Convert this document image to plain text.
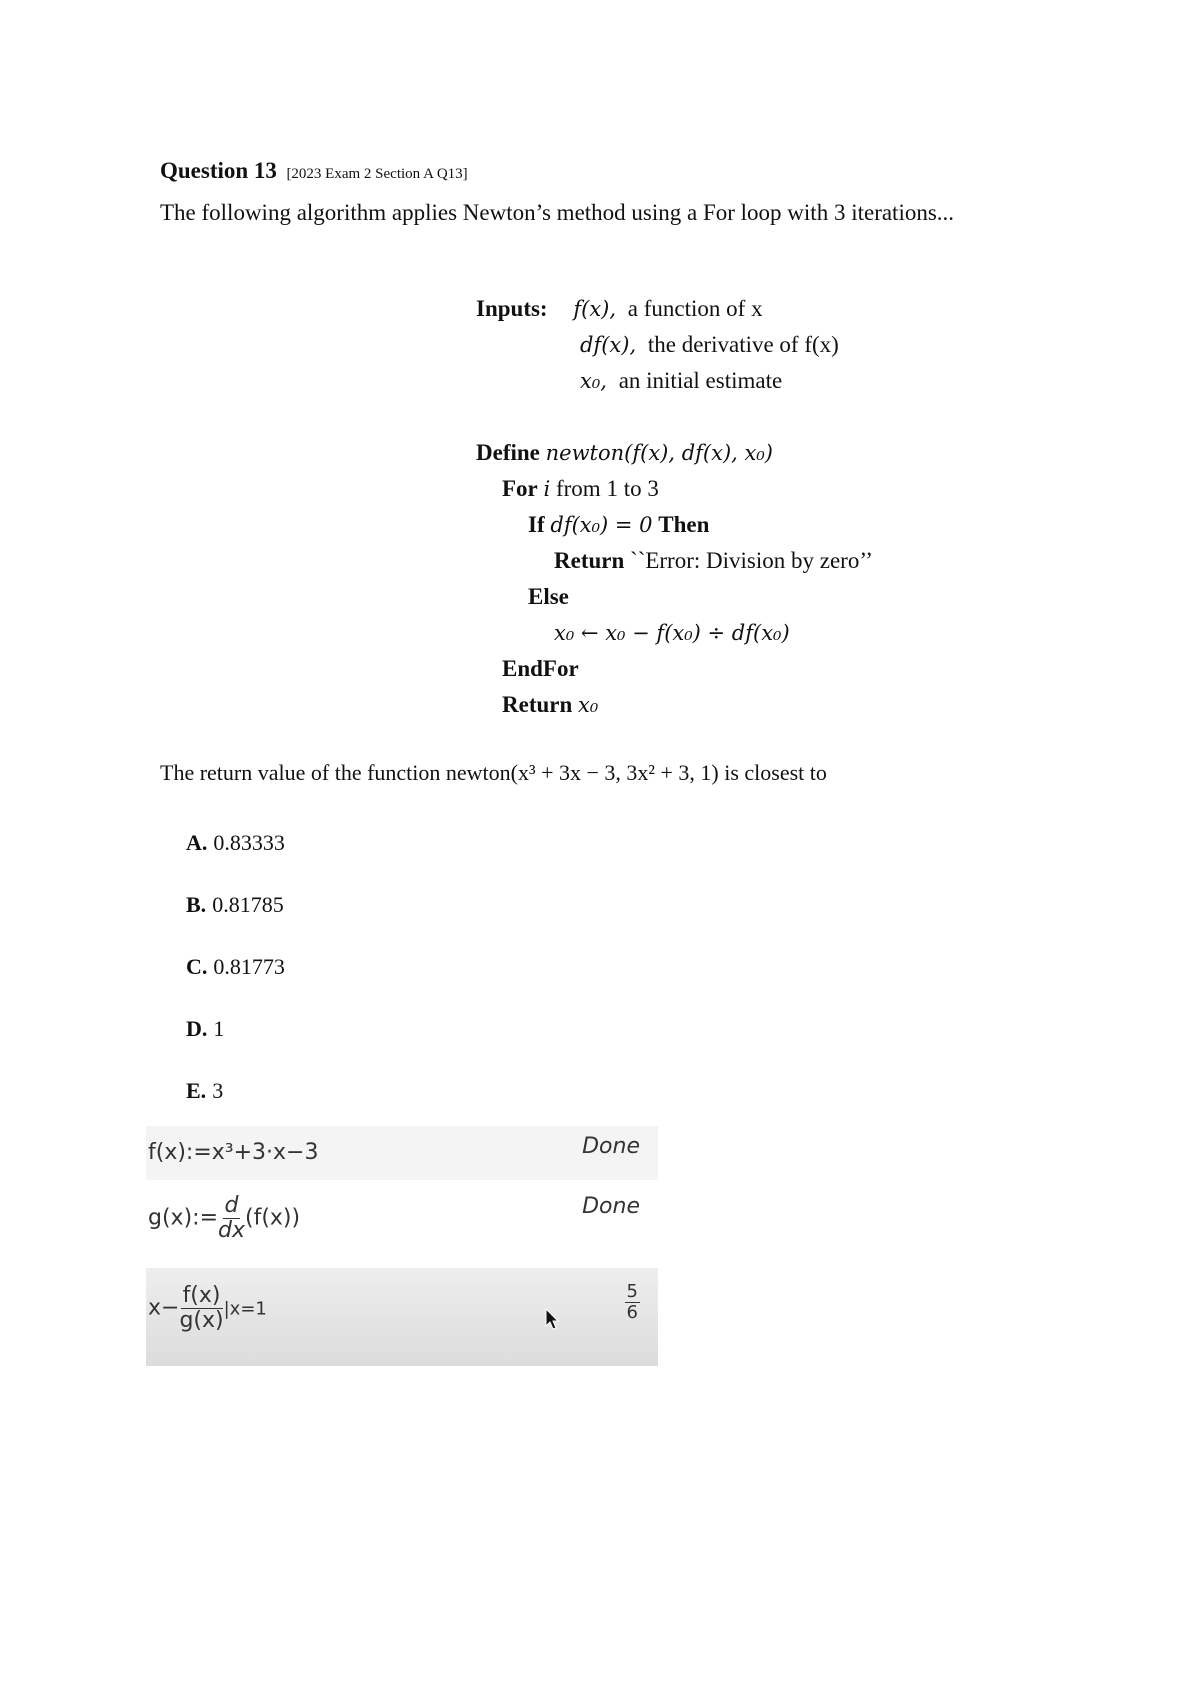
Question 13 [2023 Exam 2 Section A Q13]
The following algorithm applies Newton’s method using a For loop with 3 iterations...
Inputs: f(x), a function of x
df(x), the derivative of f(x)
x₀, an initial estimate
Define newton(f(x), df(x), x₀)
For i from 1 to 3
If df(x₀) = 0 Then
Return ``Error: Division by zero’’
Else
x₀ ← x₀ − f(x₀) ÷ df(x₀)
EndFor
Return x₀
The return value of the function newton(x³ + 3x − 3, 3x² + 3, 1) is closest to
A. 0.83333
B. 0.81785
C. 0.81773
D. 1
E. 3
f(x):=x³+3·x−3	Done
g(x):= $\frac{d}{dx} (f(x))$	Done
$x- \frac{f(x)}{g(x)} |x=1$	$\frac{5}{6}$
